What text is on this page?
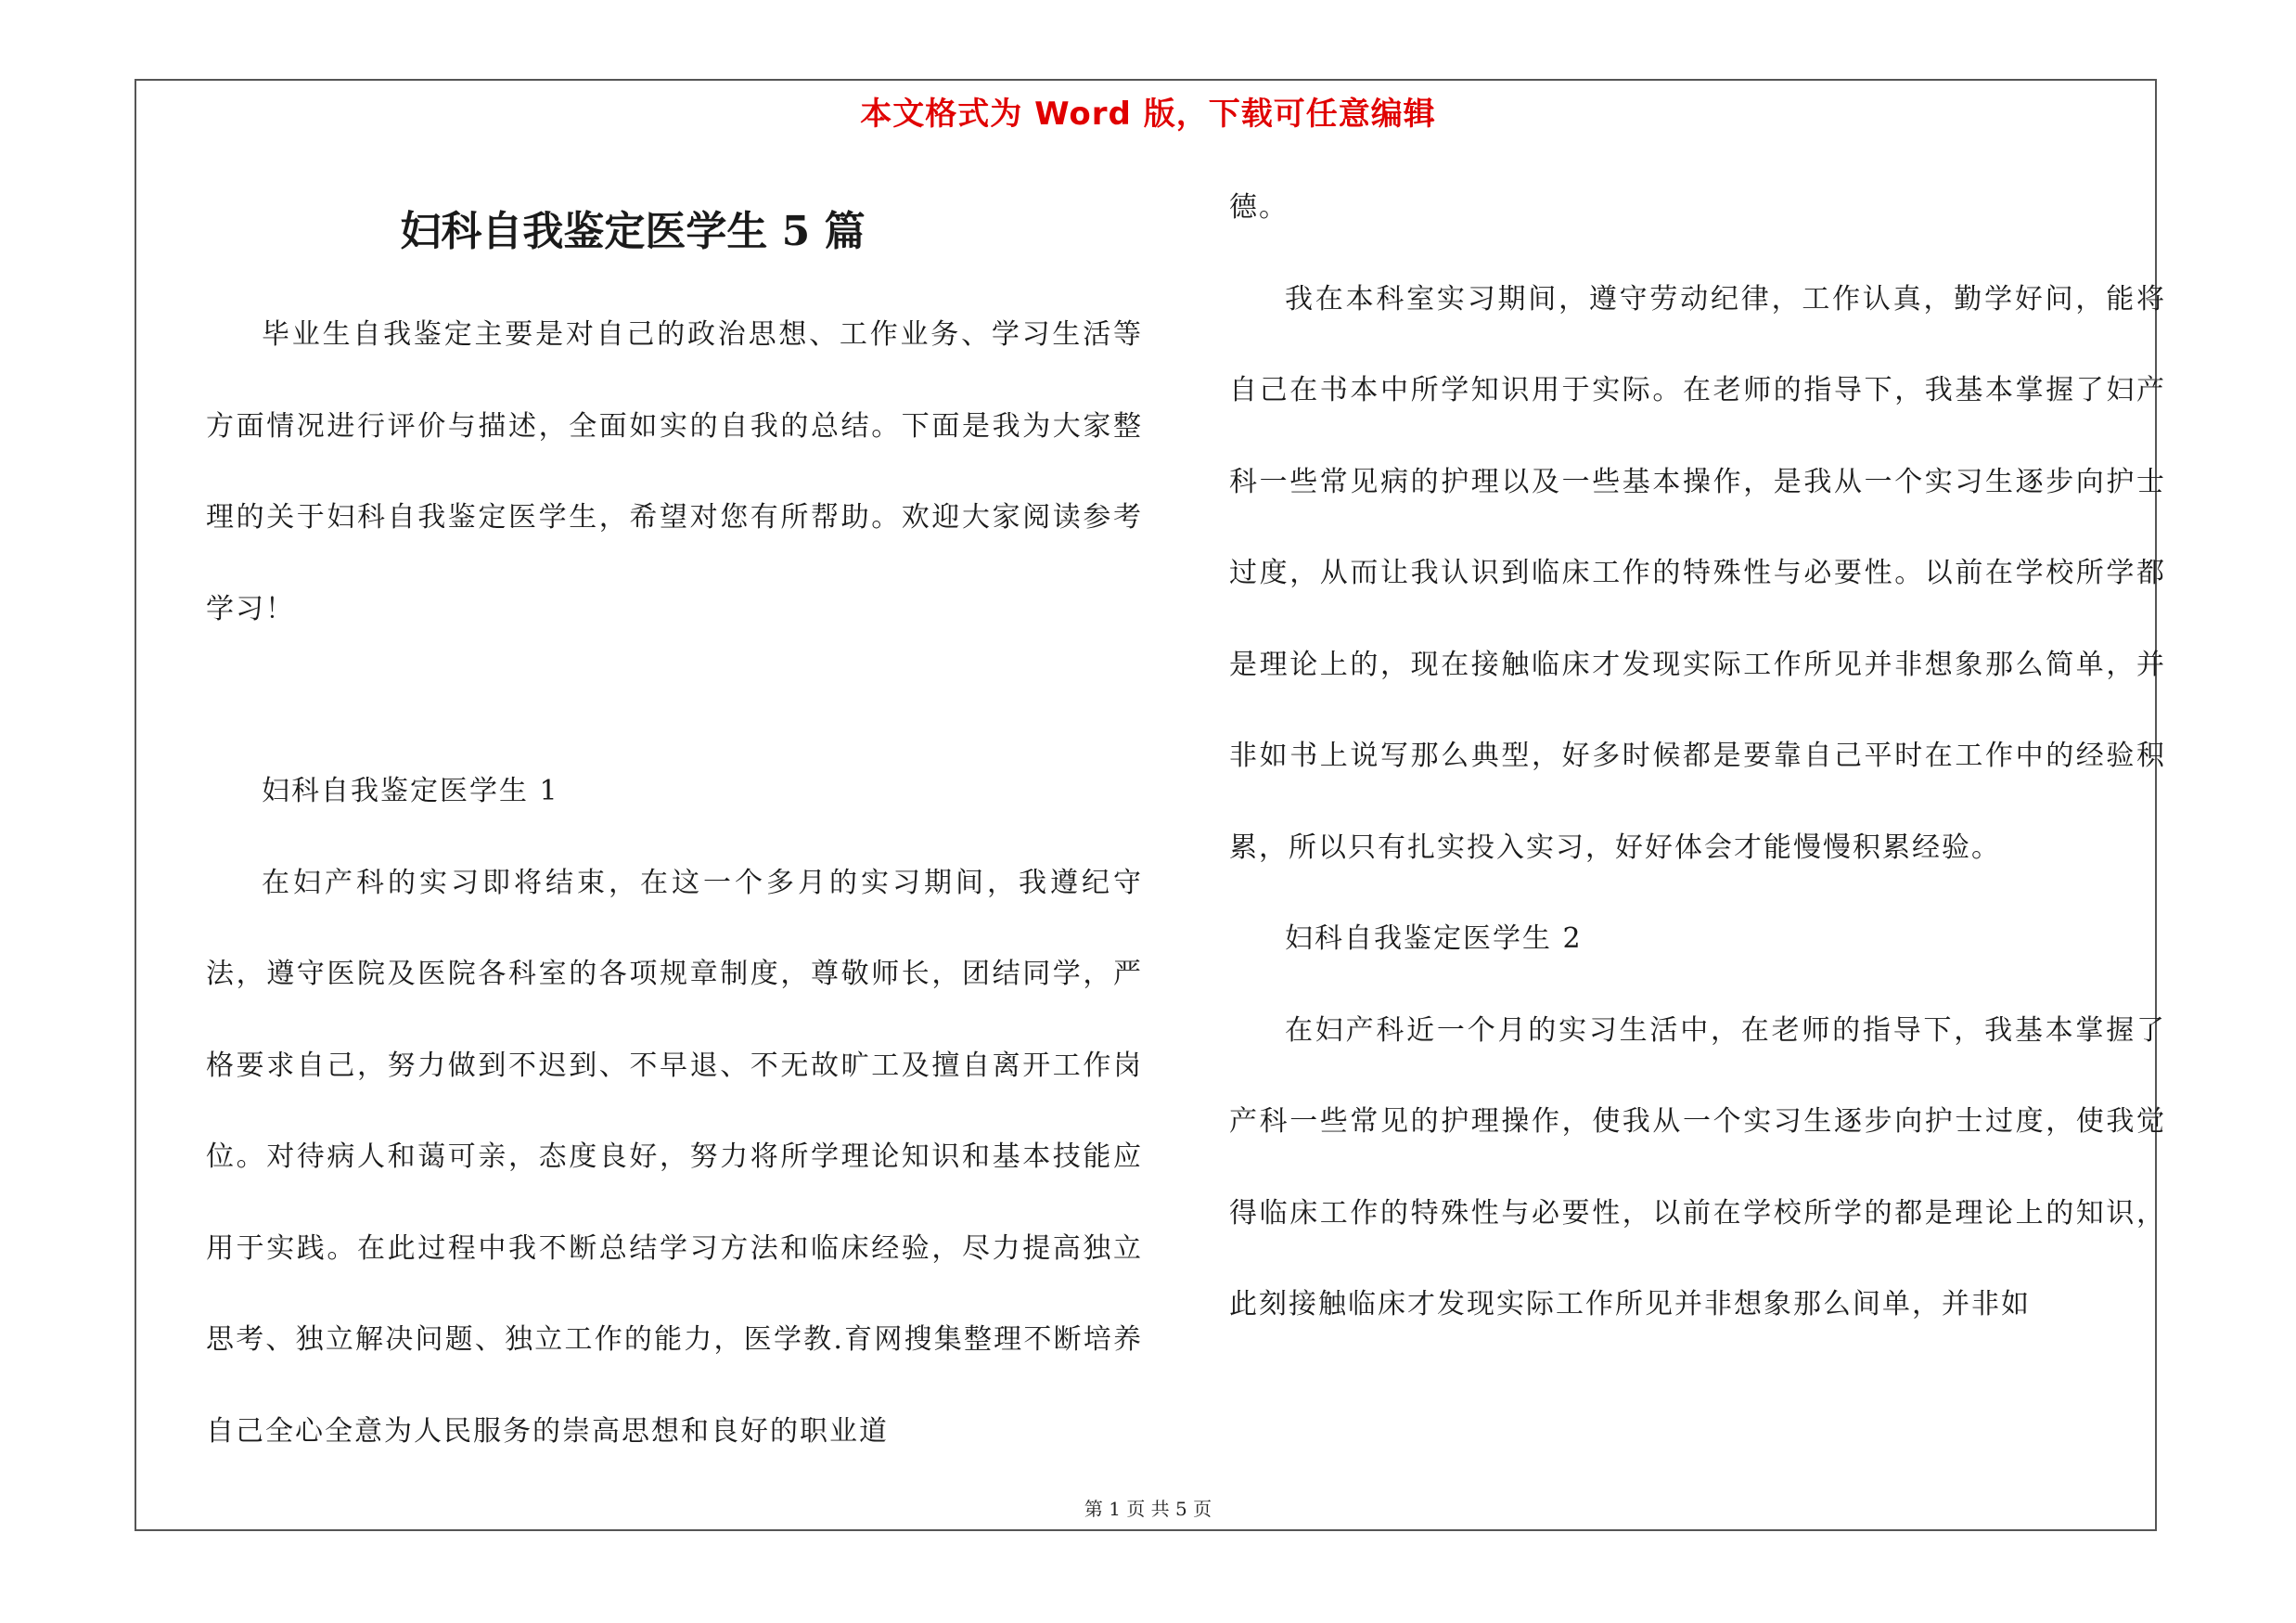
本文格式为 Word 版，下载可任意编辑
妇科自我鉴定医学生 5 篇

毕业生自我鉴定主要是对自己的政治思想、工作业务、学习生活等方面情况进行评价与描述，全面如实的自我的总结。下面是我为大家整理的关于妇科自我鉴定医学生，希望对您有所帮助。欢迎大家阅读参考学习！

妇科自我鉴定医学生 1

在妇产科的实习即将结束，在这一个多月的实习期间，我遵纪守法，遵守医院及医院各科室的各项规章制度，尊敬师长，团结同学，严格要求自己，努力做到不迟到、不早退、不无故旷工及擅自离开工作岗位。对待病人和蔼可亲，态度良好，努力将所学理论知识和基本技能应用于实践。在此过程中我不断总结学习方法和临床经验，尽力提高独立思考、独立解决问题、独立工作的能力，医学教.育网搜集整理不断培养自己全心全意为人民服务的崇高思想和良好的职业道

德。

我在本科室实习期间，遵守劳动纪律，工作认真，勤学好问，能将自己在书本中所学知识用于实际。在老师的指导下，我基本掌握了妇产科一些常见病的护理以及一些基本操作，是我从一个实习生逐步向护士过度，从而让我认识到临床工作的特殊性与必要性。以前在学校所学都是理论上的，现在接触临床才发现实际工作所见并非想象那么简单，并非如书上说写那么典型，好多时候都是要靠自己平时在工作中的经验积累，所以只有扎实投入实习，好好体会才能慢慢积累经验。

妇科自我鉴定医学生 2

在妇产科近一个月的实习生活中，在老师的指导下，我基本掌握了产科一些常见的护理操作，使我从一个实习生逐步向护士过度，使我觉得临床工作的特殊性与必要性，以前在学校所学的都是理论上的知识，此刻接触临床才发现实际工作所见并非想象那么间单，并非如

第 1 页 共 5 页
